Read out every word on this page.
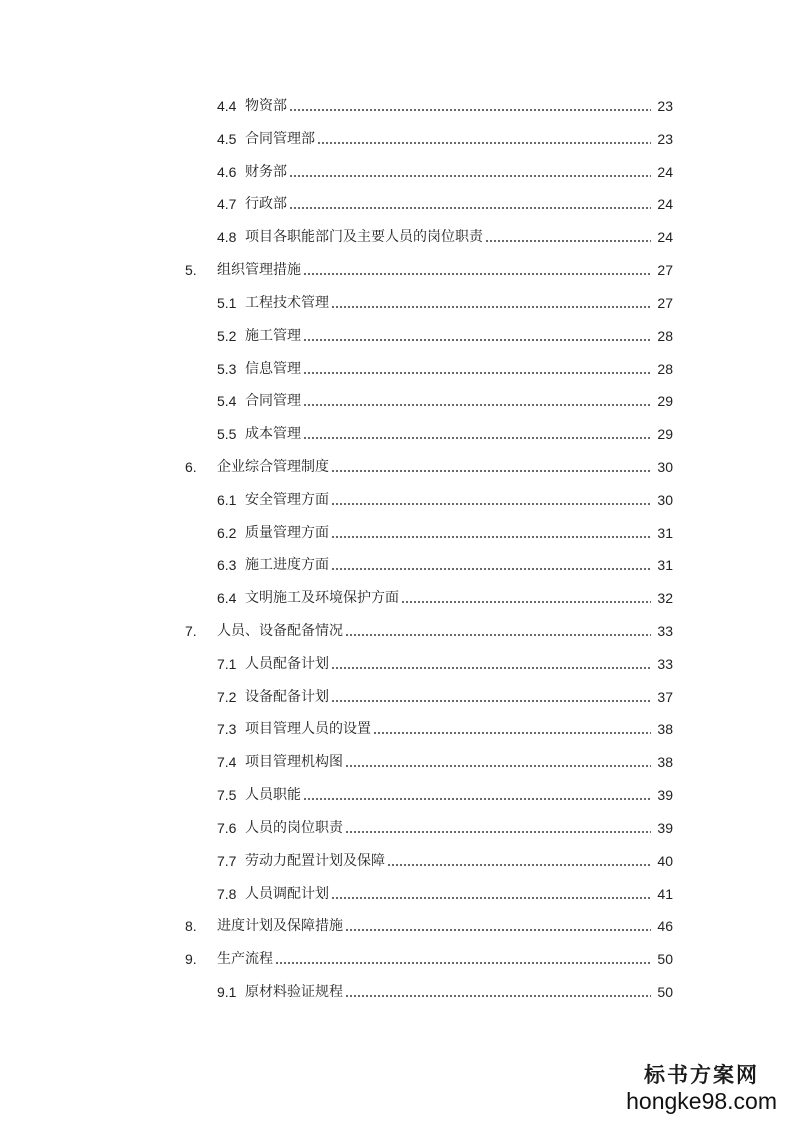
4.4 物资部	23
4.5 合同管理部	23
4.6 财务部	24
4.7 行政部	24
4.8 项目各职能部门及主要人员的岗位职责	24
5. 组织管理措施	27
5.1 工程技术管理	27
5.2 施工管理	28
5.3 信息管理	28
5.4 合同管理	29
5.5 成本管理	29
6. 企业综合管理制度	30
6.1 安全管理方面	30
6.2 质量管理方面	31
6.3 施工进度方面	31
6.4 文明施工及环境保护方面	32
7. 人员、设备配备情况	33
7.1 人员配备计划	33
7.2 设备配备计划	37
7.3 项目管理人员的设置	38
7.4 项目管理机构图	38
7.5 人员职能	39
7.6 人员的岗位职责	39
7.7 劳动力配置计划及保障	40
7.8 人员调配计划	41
8. 进度计划及保障措施	46
9. 生产流程	50
9.1 原材料验证规程	50
标书方案网
hongke98.com
